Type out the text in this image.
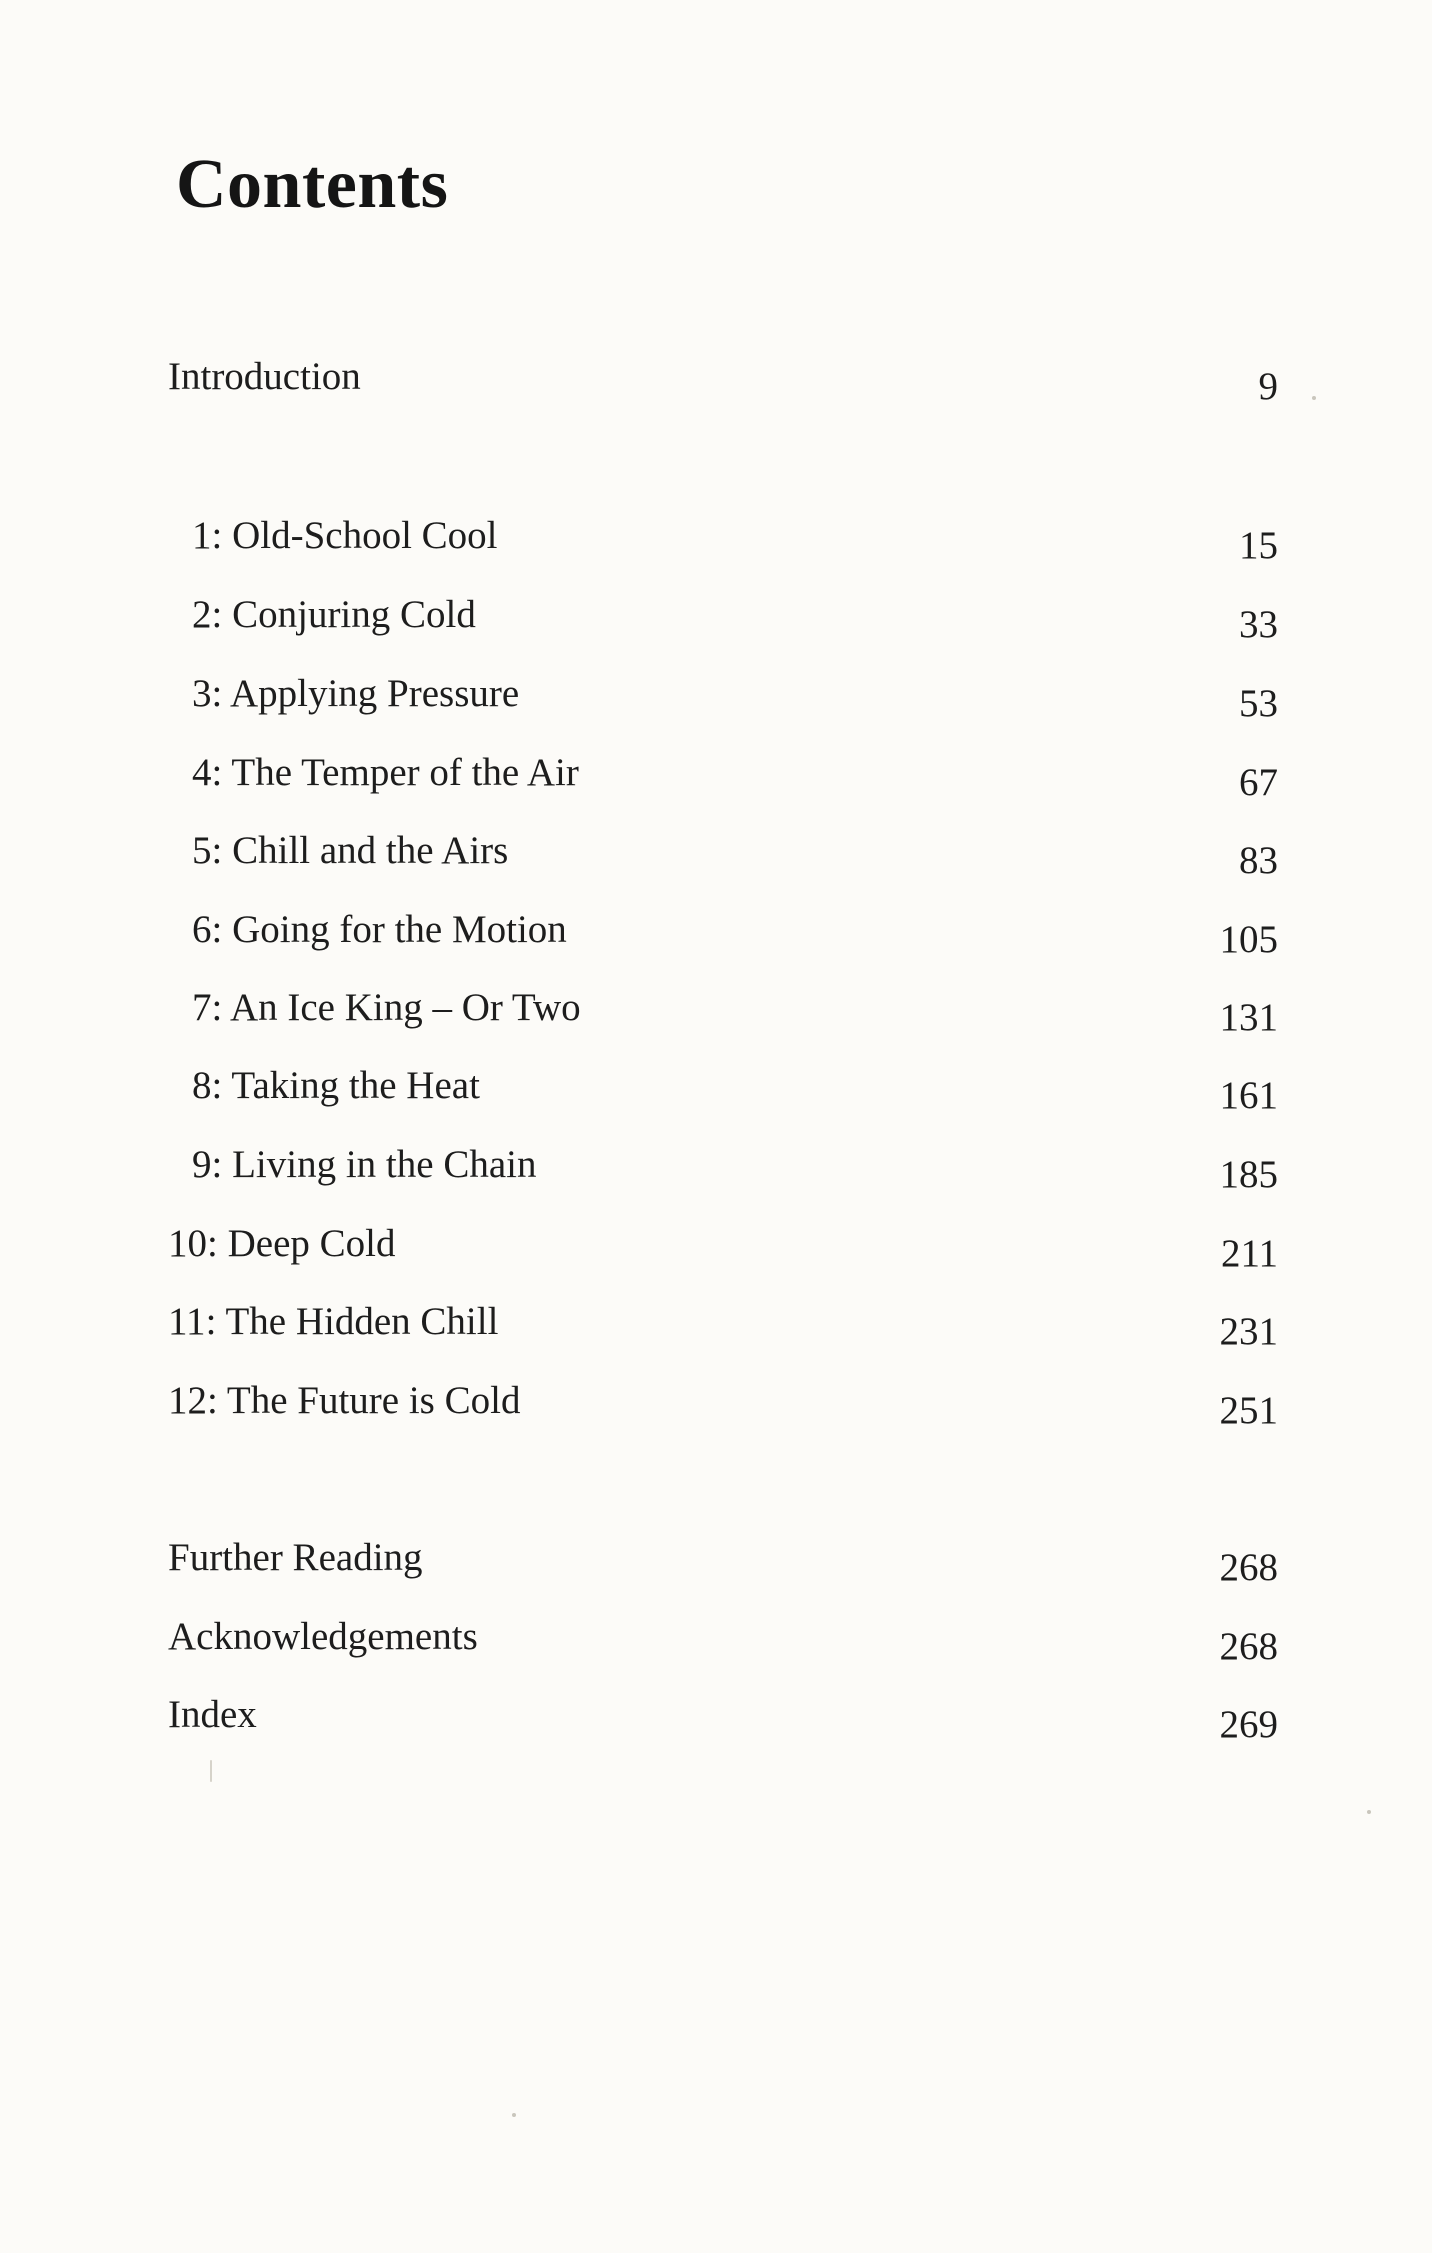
Contents
Introduction	9
1: Old-School Cool	15
2: Conjuring Cold	33
3: Applying Pressure	53
4: The Temper of the Air	67
5: Chill and the Airs	83
6: Going for the Motion	105
7: An Ice King – Or Two	131
8: Taking the Heat	161
9: Living in the Chain	185
10: Deep Cold	211
11: The Hidden Chill	231
12: The Future is Cold	251
Further Reading	268
Acknowledgements	268
Index	269
